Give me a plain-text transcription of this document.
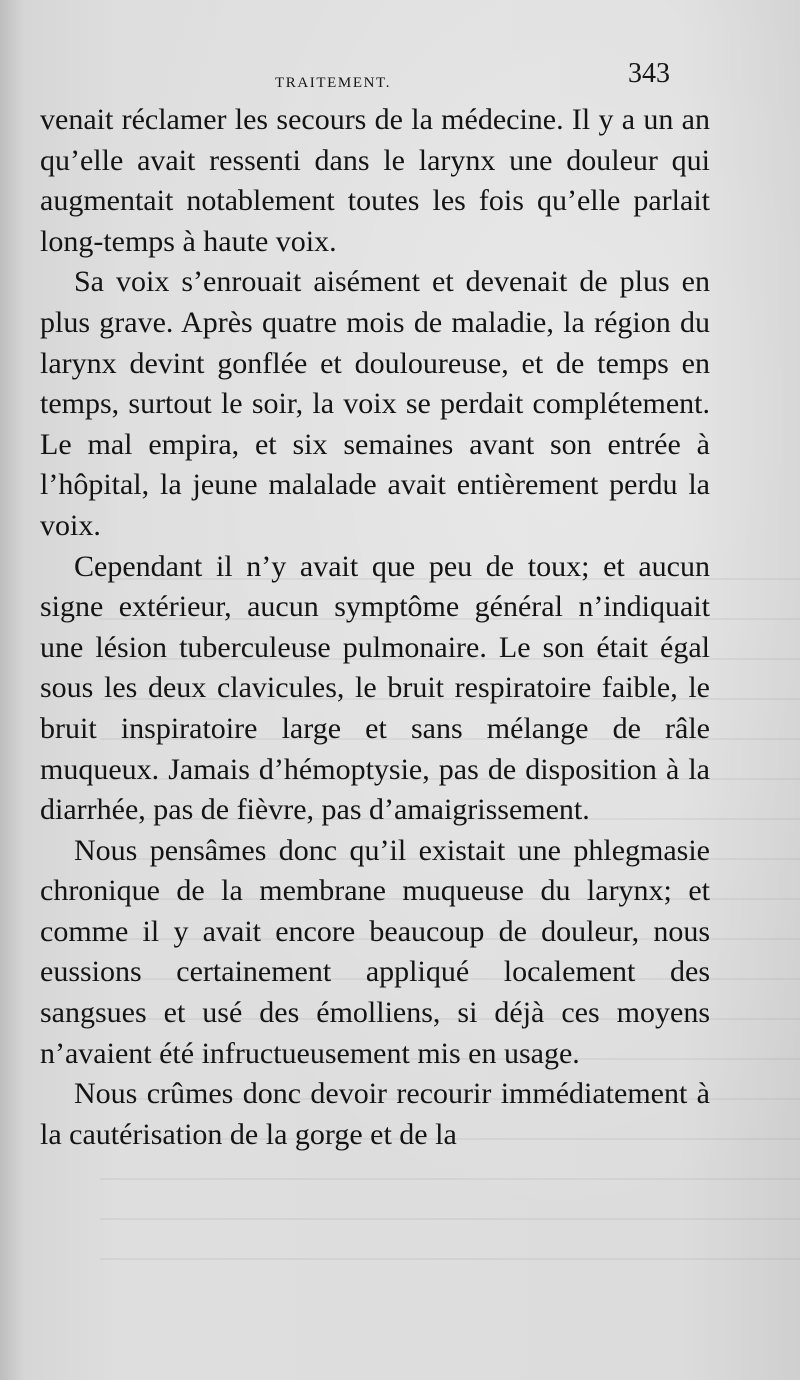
TRAITEMENT.	343

venait réclamer les secours de la médecine. Il y a un an qu’elle avait ressenti dans le larynx une douleur qui augmentait notablement toutes les fois qu’elle parlait long-temps à haute voix.

Sa voix s’enrouait aisément et devenait de plus en plus grave. Après quatre mois de maladie, la région du larynx devint gonflée et douloureuse, et de temps en temps, surtout le soir, la voix se perdait complétement. Le mal empira, et six semaines avant son entrée à l’hôpital, la jeune malalade avait entièrement perdu la voix.

Cependant il n’y avait que peu de toux; et aucun signe extérieur, aucun symptôme général n’indiquait une lésion tuberculeuse pulmonaire. Le son était égal sous les deux clavicules, le bruit respiratoire faible, le bruit inspiratoire large et sans mélange de râle muqueux. Jamais d’hémoptysie, pas de disposition à la diarrhée, pas de fièvre, pas d’amaigrissement.

Nous pensâmes donc qu’il existait une phlegmasie chronique de la membrane muqueuse du larynx; et comme il y avait encore beaucoup de douleur, nous eussions certainement appliqué localement des sangsues et usé des émolliens, si déjà ces moyens n’avaient été infructueusement mis en usage.

Nous crûmes donc devoir recourir immédiatement à la cautérisation de la gorge et de la
